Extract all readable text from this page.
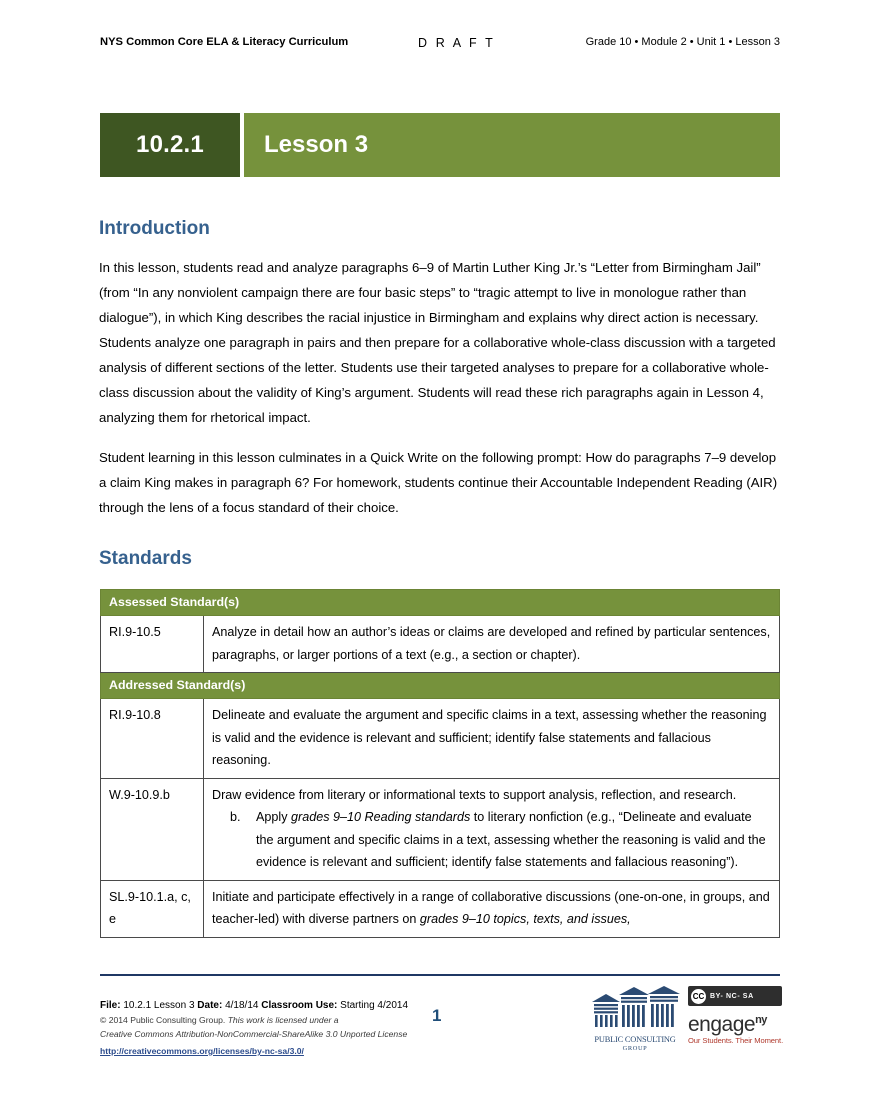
NYS Common Core ELA & Literacy Curriculum	D R A F T	Grade 10 • Module 2 • Unit 1 • Lesson 3
10.2.1	Lesson 3
Introduction

In this lesson, students read and analyze paragraphs 6–9 of Martin Luther King Jr.’s “Letter from Birmingham Jail” (from “In any nonviolent campaign there are four basic steps” to “tragic attempt to live in monologue rather than dialogue”), in which King describes the racial injustice in Birmingham and explains why direct action is necessary. Students analyze one paragraph in pairs and then prepare for a collaborative whole-class discussion with a targeted analysis of different sections of the letter. Students use their targeted analyses to prepare for a collaborative whole-class discussion about the validity of King’s argument. Students will read these rich paragraphs again in Lesson 4, analyzing them for rhetorical impact.

Student learning in this lesson culminates in a Quick Write on the following prompt: How do paragraphs 7–9 develop a claim King makes in paragraph 6? For homework, students continue their Accountable Independent Reading (AIR) through the lens of a focus standard of their choice.

Standards
Assessed Standard(s)	
RI.9-10.5	Analyze in detail how an author’s ideas or claims are developed and refined by particular sentences, paragraphs, or larger portions of a text (e.g., a section or chapter).
Addressed Standard(s)	
RI.9-10.8	Delineate and evaluate the argument and specific claims in a text, assessing whether the reasoning is valid and the evidence is relevant and sufficient; identify false statements and fallacious reasoning.
W.9-10.9.b	Draw evidence from literary or informational texts to support analysis, reflection, and research.
b. Apply grades 9–10 Reading standards to literary nonfiction (e.g., “Delineate and evaluate the argument and specific claims in a text, assessing whether the reasoning is valid and the evidence is relevant and sufficient; identify false statements and fallacious reasoning”).

SL.9-10.1.a, c, e	Initiate and participate effectively in a range of collaborative discussions (one-on-one, in groups, and teacher-led) with diverse partners on grades 9–10 topics, texts, and issues,
File: 10.2.1 Lesson 3 Date: 4/18/14 Classroom Use: Starting 4/2014
© 2014 Public Consulting Group. This work is licensed under a
Creative Commons Attribution-NonCommercial-ShareAlike 3.0 Unported License
http://creativecommons.org/licenses/by-nc-sa/3.0/
1
PUBLIC CONSULTING
GROUP
CC BY- NC- SA
engage$^{ny}$
Our Students. Their Moment.
